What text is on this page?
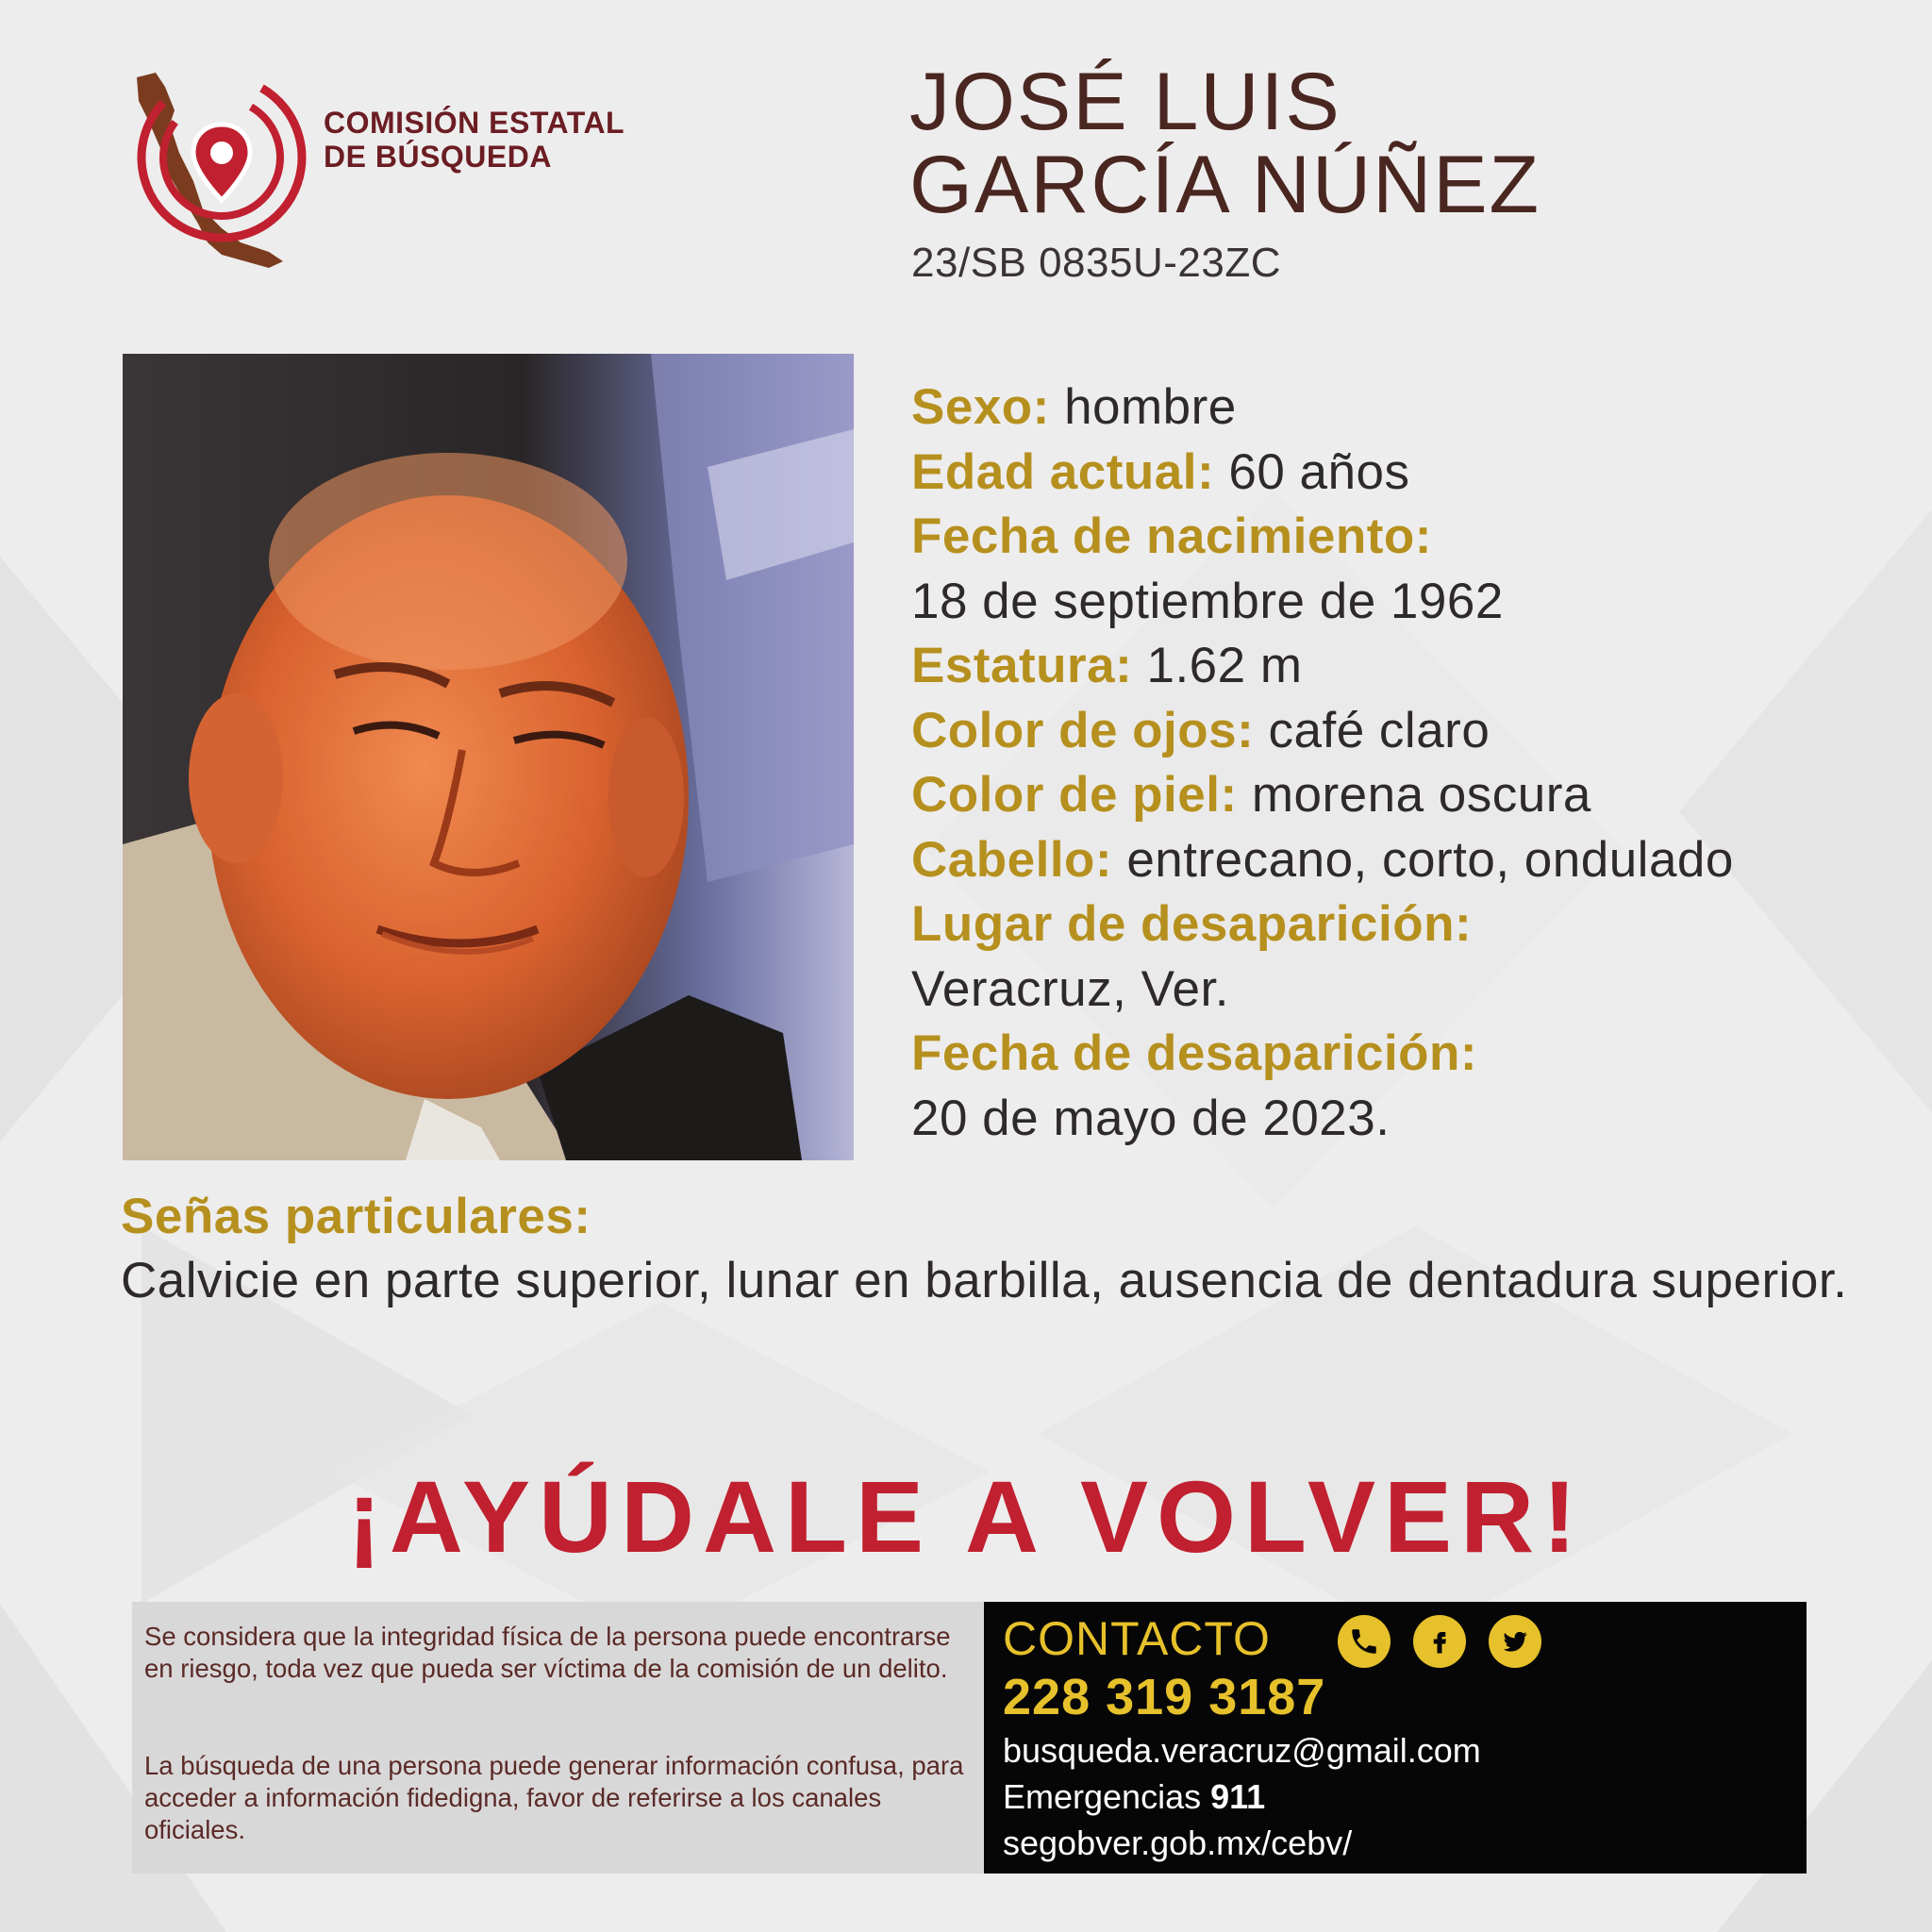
COMISIÓN ESTATAL
DE BÚSQUEDA
JOSÉ LUIS
GARCÍA NÚÑEZ
23/SB 0835U-23ZC
Sexo: hombre
Edad actual: 60 años
Fecha de nacimiento:
18 de septiembre de 1962
Estatura: 1.62 m
Color de ojos: café claro
Color de piel: morena oscura
Cabello: entrecano, corto, ondulado
Lugar de desaparición:
Veracruz, Ver.
Fecha de desaparición:
20 de mayo de 2023.
Señas particulares:
Calvicie en parte superior, lunar en barbilla, ausencia de dentadura superior.
¡AYÚDALE A VOLVER!
Se considera que la integridad física de la persona puede encontrarse en riesgo, toda vez que pueda ser víctima de la comisión de un delito.
La búsqueda de una persona puede generar información confusa, para acceder a información fidedigna, favor de referirse a los canales oficiales.
CONTACTO
228 319 3187
busqueda.veracruz@gmail.com
Emergencias 911
segobver.gob.mx/cebv/
